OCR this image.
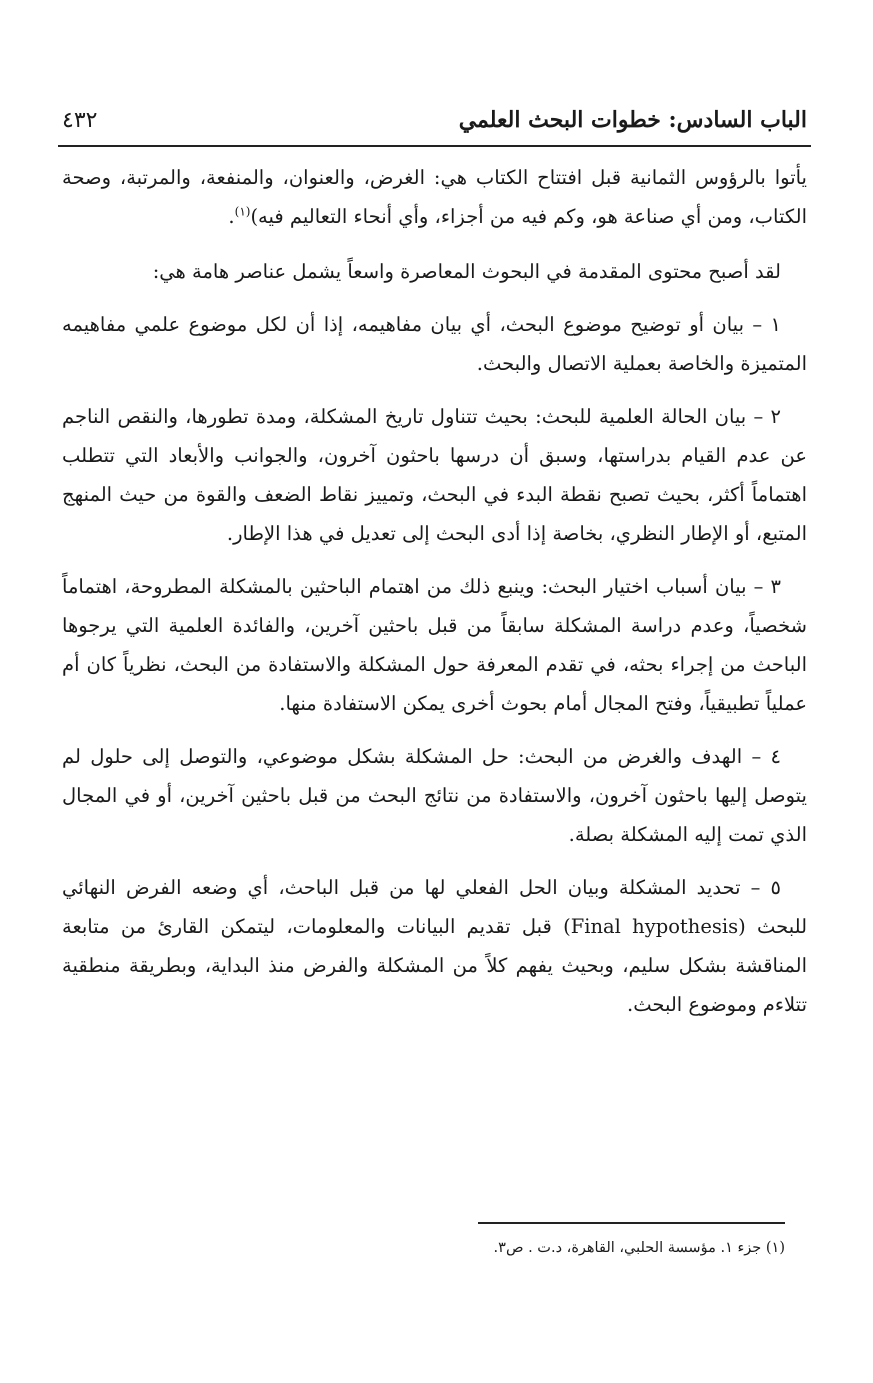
الباب السادس: خطوات البحث العلمي
٤٣٢

يأتوا بالرؤوس الثمانية قبل افتتاح الكتاب هي: الغرض، والعنوان، والمنفعة، والمرتبة، وصحة الكتاب، ومن أي صناعة هو، وكم فيه من أجزاء، وأي أنحاء التعاليم فيه)$^{(١)}$.

لقد أصبح محتوى المقدمة في البحوث المعاصرة واسعاً يشمل عناصر هامة هي:

١ – بيان أو توضيح موضوع البحث، أي بيان مفاهيمه، إذا أن لكل موضوع علمي مفاهيمه المتميزة والخاصة بعملية الاتصال والبحث.

٢ – بيان الحالة العلمية للبحث: بحيث تتناول تاريخ المشكلة، ومدة تطورها، والنقص الناجم عن عدم القيام بدراستها، وسبق أن درسها باحثون آخرون، والجوانب والأبعاد التي تتطلب اهتماماً أكثر، بحيث تصبح نقطة البدء في البحث، وتمييز نقاط الضعف والقوة من حيث المنهج المتبع، أو الإطار النظري، بخاصة إذا أدى البحث إلى تعديل في هذا الإطار.

٣ – بيان أسباب اختيار البحث: وينبع ذلك من اهتمام الباحثين بالمشكلة المطروحة، اهتماماً شخصياً، وعدم دراسة المشكلة سابقاً من قبل باحثين آخرين، والفائدة العلمية التي يرجوها الباحث من إجراء بحثه، في تقدم المعرفة حول المشكلة والاستفادة من البحث، نظرياً كان أم عملياً تطبيقياً، وفتح المجال أمام بحوث أخرى يمكن الاستفادة منها.

٤ – الهدف والغرض من البحث: حل المشكلة بشكل موضوعي، والتوصل إلى حلول لم يتوصل إليها باحثون آخرون، والاستفادة من نتائج البحث من قبل باحثين آخرين، أو في المجال الذي تمت إليه المشكلة بصلة.

٥ – تحديد المشكلة وبيان الحل الفعلي لها من قبل الباحث، أي وضعه الفرض النهائي للبحث (Final hypothesis) قبل تقديم البيانات والمعلومات، ليتمكن القارئ من متابعة المناقشة بشكل سليم، وبحيث يفهم كلاً من المشكلة والفرض منذ البداية، وبطريقة منطقية تتلاءم وموضوع البحث.

(١) جزء ١. مؤسسة الحلبي، القاهرة، د.ت . ص٣.
